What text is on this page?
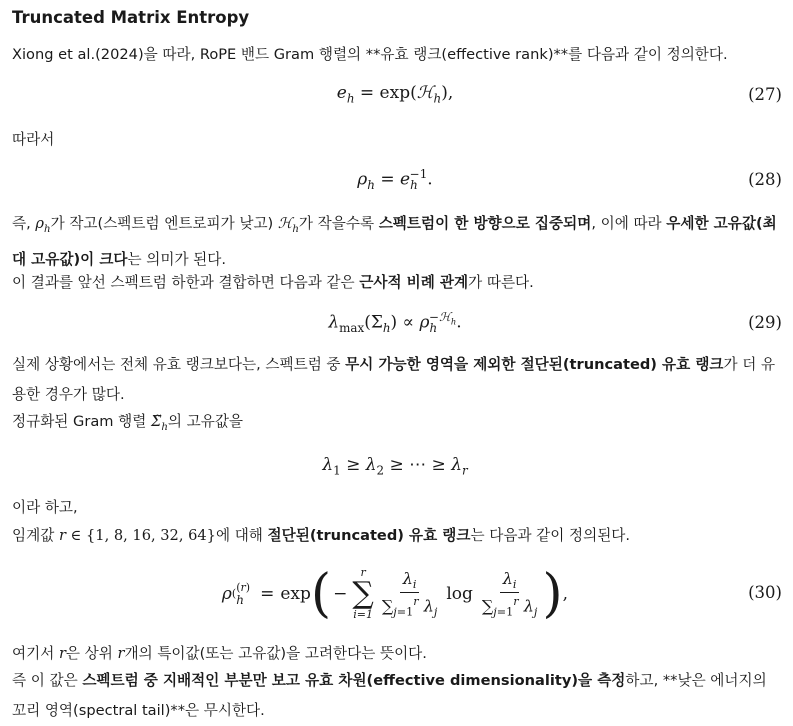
Truncated Matrix Entropy
Xiong et al.(2024)을 따라, RoPE 밴드 Gram 행렬의 **유효 랭크(effective rank)**를 다음과 같이 정의한다.
$e_h$ = exp(ℋ$_h$),	(27)
따라서
$\rho_h = e_h^{-1}$.	(28)
즉, $\rho_h$가 작고(스펙트럼 엔트로피가 낮고) ℋ$_h$가 작을수록 스펙트럼이 한 방향으로 집중되며, 이에 따라 우세한 고유값(최대 고유값)이 크다는 의미가 된다.
이 결과를 앞선 스펙트럼 하한과 결합하면 다음과 같은 근사적 비례 관계가 따른다.
$\lambda_{max}(\Sigma_h) \propto \rho_h^{-ℋ_h}$.	(29)
실제 상황에서는 전체 유효 랭크보다는, 스펙트럼 중 무시 가능한 영역을 제외한 절단된(truncated) 유효 랭크가 더 유용한 경우가 많다.
정규화된 Gram 행렬 $\Sigmã_h$의 고유값을
$\lambda_1 \ge \lambda_2$ ≥ ⋯ ≥ $\lambda_r$
이라 하고,
임계값 r ∈ {1, 8, 16, 32, 64}에 대해 절단된(truncated) 유효 랭크는 다음과 같이 정의된다.
ρ ( (r)
h = exp ( −
r
∑
$i=1 \frac{\lambda_i}{\sum_{j=1}^r \lambda_j}$ $\log \frac{\lambda_i}{\sum_{j=1}^r \lambda_j}$ ) ,	(30)
여기서 r은 상위 r개의 특이값(또는 고유값)을 고려한다는 뜻이다.
즉 이 값은 스펙트럼 중 지배적인 부분만 보고 유효 차원(effective dimensionality)을 측정하고, **낮은 에너지의 꼬리 영역(spectral tail)**은 무시한다.
